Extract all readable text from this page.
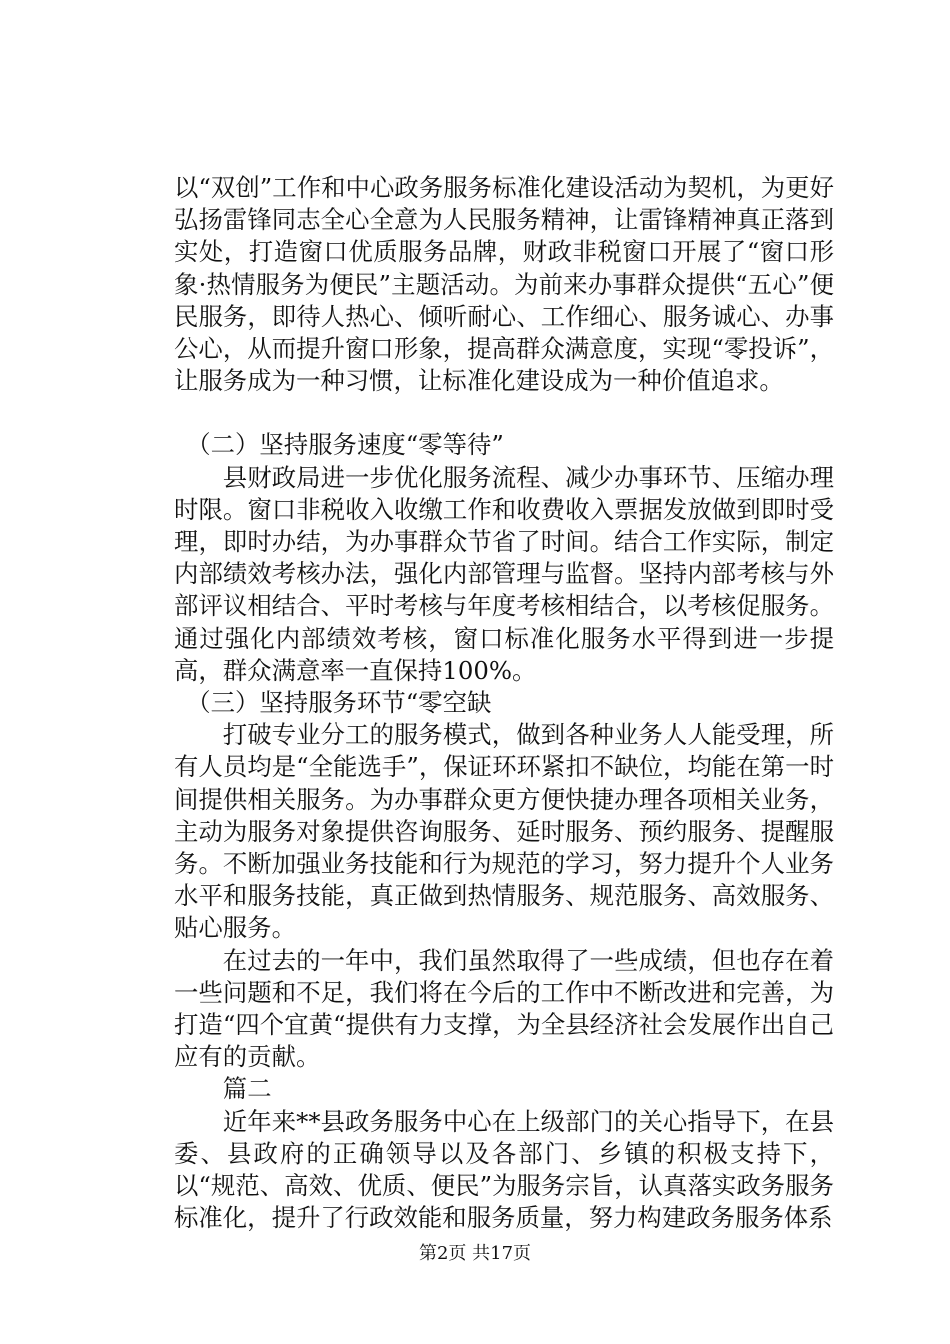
以“双创”工作和中心政务服务标准化建设活动为契机，为更好弘扬雷锋同志全心全意为人民服务精神，让雷锋精神真正落到实处，打造窗口优质服务品牌，财政非税窗口开展了“窗口形象·热情服务为便民”主题活动。为前来办事群众提供“五心”便民服务，即待人热心、倾听耐心、工作细心、服务诚心、办事公心，从而提升窗口形象，提高群众满意度，实现“零投诉”，让服务成为一种习惯，让标准化建设成为一种价值追求。

（二）坚持服务速度“零等待”

县财政局进一步优化服务流程、减少办事环节、压缩办理时限。窗口非税收入收缴工作和收费收入票据发放做到即时受理，即时办结，为办事群众节省了时间。结合工作实际，制定内部绩效考核办法，强化内部管理与监督。坚持内部考核与外部评议相结合、平时考核与年度考核相结合，以考核促服务。通过强化内部绩效考核，窗口标准化服务水平得到进一步提高，群众满意率一直保持100%。

（三）坚持服务环节“零空缺

打破专业分工的服务模式，做到各种业务人人能受理，所有人员均是“全能选手”，保证环环紧扣不缺位，均能在第一时间提供相关服务。为办事群众更方便快捷办理各项相关业务，主动为服务对象提供咨询服务、延时服务、预约服务、提醒服务。不断加强业务技能和行为规范的学习，努力提升个人业务水平和服务技能，真正做到热情服务、规范服务、高效服务、贴心服务。

在过去的一年中，我们虽然取得了一些成绩，但也存在着一些问题和不足，我们将在今后的工作中不断改进和完善，为打造“四个宜黄“提供有力支撑，为全县经济社会发展作出自己应有的贡献。

篇二

近年来**县政务服务中心在上级部门的关心指导下，在县委、县政府的正确领导以及各部门、乡镇的积极支持下，以“规范、高效、优质、便民”为服务宗旨，认真落实政务服务标准化，提升了行政效能和服务质量，努力构建政务服务体系

第2页 共17页
